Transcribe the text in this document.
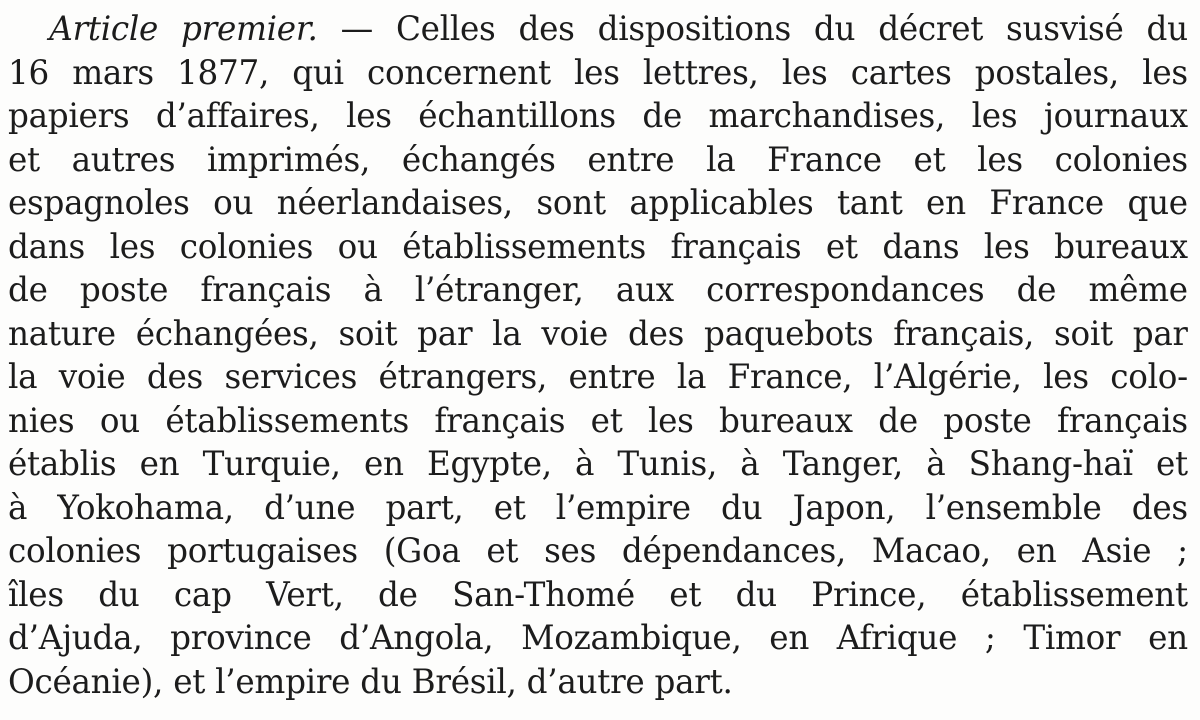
Article premier. — Celles des dispositions du décret susvisé du
16 mars 1877, qui concernent les lettres, les cartes postales, les
papiers d’affaires, les échantillons de marchandises, les journaux
et autres imprimés, échangés entre la France et les colonies
espagnoles ou néerlandaises, sont applicables tant en France que
dans les colonies ou établissements français et dans les bureaux
de poste français à l’étranger, aux correspondances de même
nature échangées, soit par la voie des paquebots français, soit par
la voie des services étrangers, entre la France, l’Algérie, les colo-
nies ou établissements français et les bureaux de poste français
établis en Turquie, en Egypte, à Tunis, à Tanger, à Shang-haï et
à Yokohama, d’une part, et l’empire du Japon, l’ensemble des
colonies portugaises (Goa et ses dépendances, Macao, en Asie ;
îles du cap Vert, de San-Thomé et du Prince, établissement
d’Ajuda, province d’Angola, Mozambique, en Afrique ; Timor en
Océanie), et l’empire du Brésil, d’autre part.
